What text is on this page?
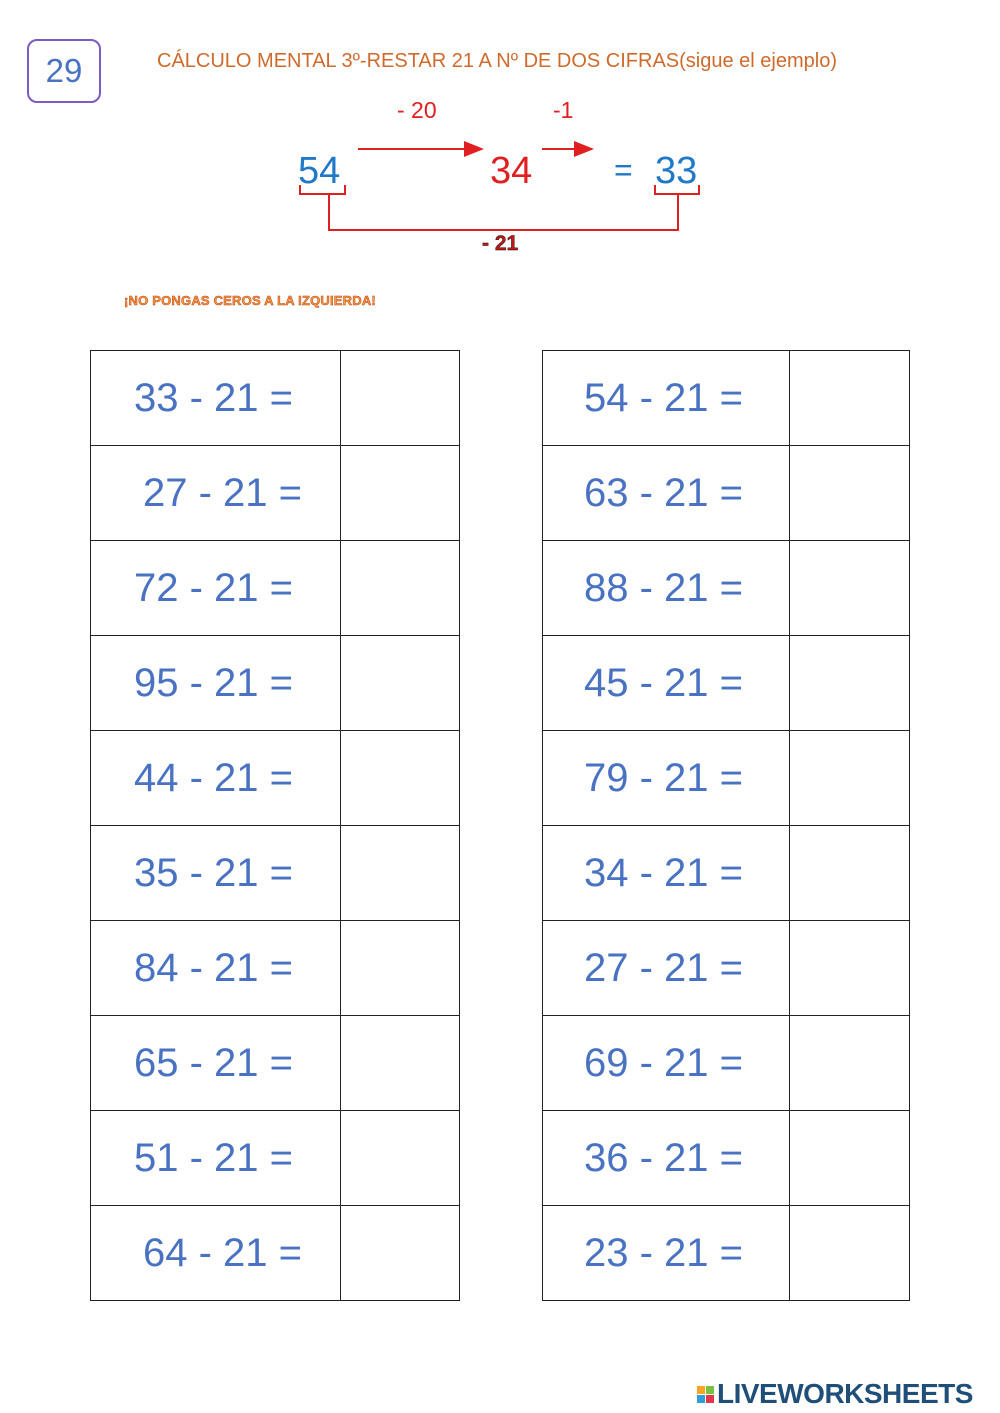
29	CÁLCULO MENTAL 3º-RESTAR 21 A Nº DE DOS CIFRAS(sigue el ejemplo)
- 20	-1
54	34	= 33
- 21
¡NO PONGAS CEROS A LA IZQUIERDA!
33 - 21 =	

27 - 21 =	

72 - 21 =	

95 - 21 =	

44 - 21 =	

35 - 21 =	

84 - 21 =	

65 - 21 =	

51 - 21 =	

64 - 21 =	
54 - 21 =	

63 - 21 =	

88 - 21 =	

45 - 21 =	

79 - 21 =	

34 - 21 =	

27 - 21 =	

69 - 21 =	

36 - 21 =	

23 - 21 =	
LIVEWORKSHEETS
